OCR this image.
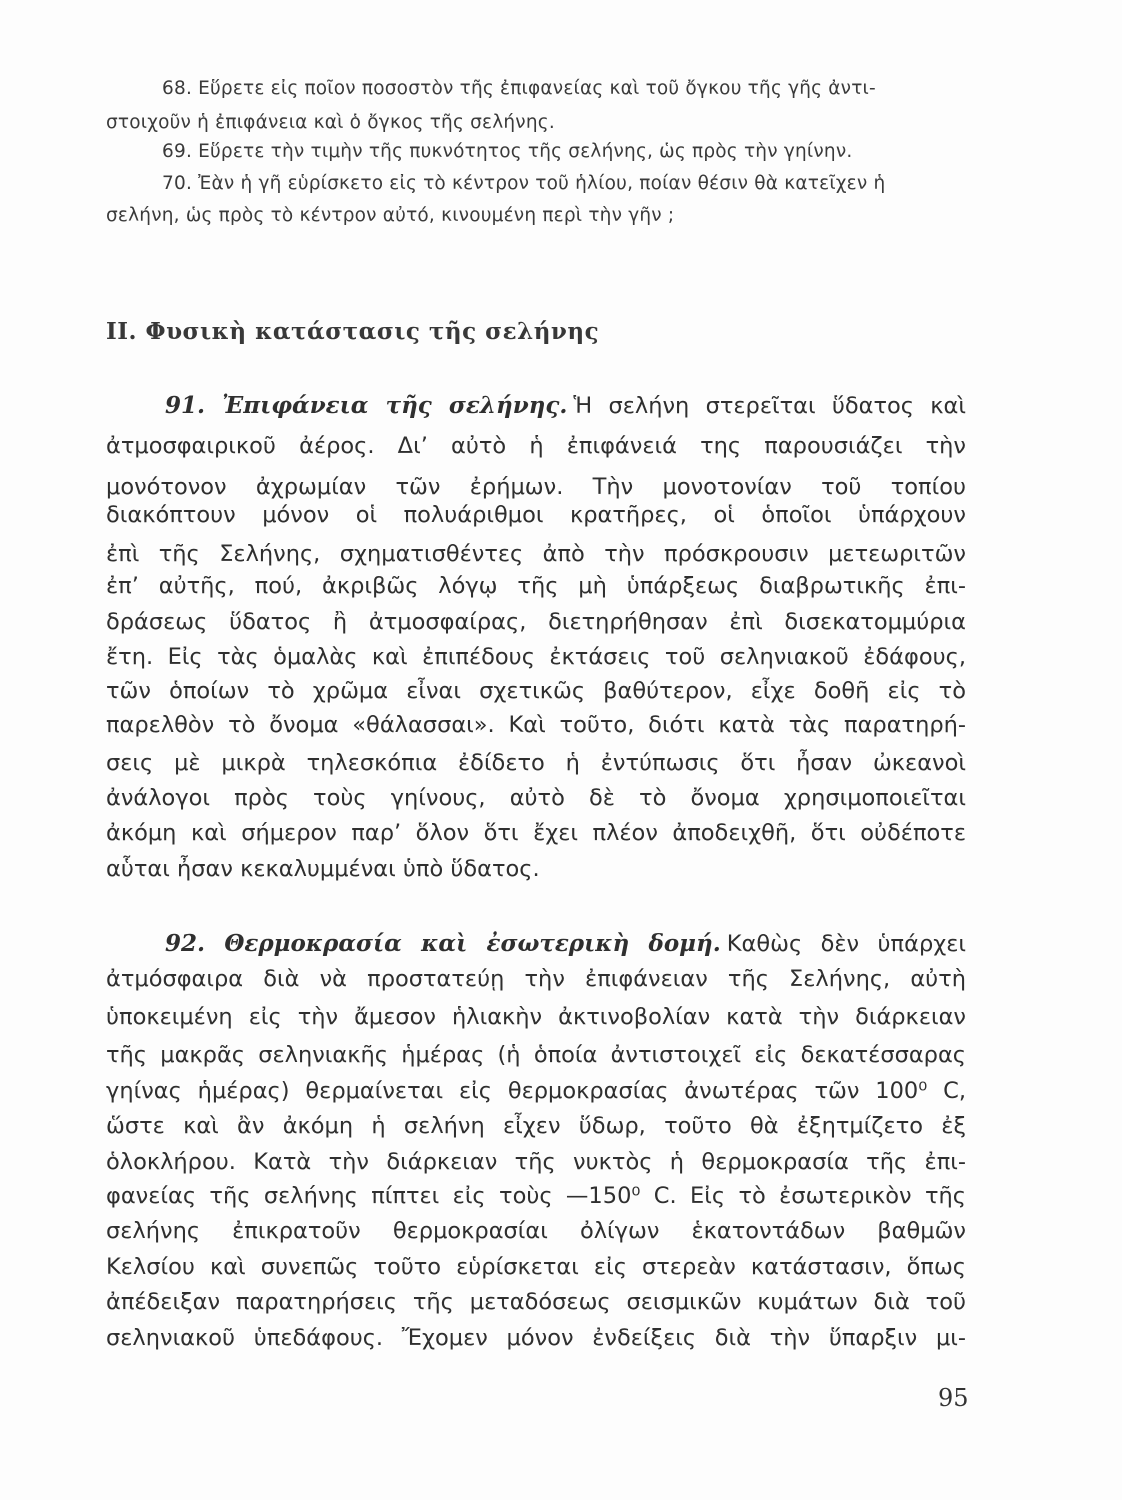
68. Εὕρετε εἰς ποῖον ποσοστὸν τῆς ἐπιφανείας καὶ τοῦ ὄγκου τῆς γῆς ἀντι-
στοιχοῦν ἡ ἐπιφάνεια καὶ ὁ ὄγκος τῆς σελήνης.
69. Εὕρετε τὴν τιμὴν τῆς πυκνότητος τῆς σελήνης, ὡς πρὸς τὴν γηίνην.
70. Ἐὰν ἡ γῆ εὑρίσκετο εἰς τὸ κέντρον τοῦ ἡλίου, ποίαν θέσιν θὰ κατεῖχεν ἡ
σελήνη, ὡς πρὸς τὸ κέντρον αὐτό, κινουμένη περὶ τὴν γῆν ;
ΙΙ. Φυσικὴ κατάστασις τῆς σελήνης
91. Ἐπιφάνεια τῆς σελήνης. Ἡ σελήνη στερεῖται ὕδατος καὶ
ἀτμοσφαιρικοῦ ἀέρος. Δι’ αὐτὸ ἡ ἐπιφάνειά της παρουσιάζει τὴν
μονότονον ἀχρωμίαν τῶν ἐρήμων. Τὴν μονοτονίαν τοῦ τοπίου
διακόπτουν μόνον οἱ πολυάριθμοι κρατῆρες, οἱ ὁποῖοι ὑπάρχουν
ἐπὶ τῆς Σελήνης, σχηματισθέντες ἀπὸ τὴν πρόσκρουσιν μετεωριτῶν
ἐπ’ αὐτῆς, πού, ἀκριβῶς λόγῳ τῆς μὴ ὑπάρξεως διαβρωτικῆς ἐπι-
δράσεως ὕδατος ἢ ἀτμοσφαίρας, διετηρήθησαν ἐπὶ δισεκατομμύρια
ἔτη. Εἰς τὰς ὁμαλὰς καὶ ἐπιπέδους ἐκτάσεις τοῦ σεληνιακοῦ ἐδάφους,
τῶν ὁποίων τὸ χρῶμα εἶναι σχετικῶς βαθύτερον, εἶχε δοθῆ εἰς τὸ
παρελθὸν τὸ ὄνομα «θάλασσαι». Καὶ τοῦτο, διότι κατὰ τὰς παρατηρή-
σεις μὲ μικρὰ τηλεσκόπια ἐδίδετο ἡ ἐντύπωσις ὅτι ἦσαν ὠκεανοὶ
ἀνάλογοι πρὸς τοὺς γηίνους, αὐτὸ δὲ τὸ ὄνομα χρησιμοποιεῖται
ἀκόμη καὶ σήμερον παρ’ ὅλον ὅτι ἔχει πλέον ἀποδειχθῆ, ὅτι οὐδέποτε
αὗται ἦσαν κεκαλυμμέναι ὑπὸ ὕδατος.
92. Θερμοκρασία καὶ ἐσωτερικὴ δομή. Καθὼς δὲν ὑπάρχει
ἀτμόσφαιρα διὰ νὰ προστατεύῃ τὴν ἐπιφάνειαν τῆς Σελήνης, αὐτὴ
ὑποκειμένη εἰς τὴν ἄμεσον ἡλιακὴν ἀκτινοβολίαν κατὰ τὴν διάρκειαν
τῆς μακρᾶς σεληνιακῆς ἡμέρας (ἡ ὁποία ἀντιστοιχεῖ εἰς δεκατέσσαρας
γηίνας ἡμέρας) θερμαίνεται εἰς θερμοκρασίας ἀνωτέρας τῶν 100⁰ C,
ὥστε καὶ ἂν ἀκόμη ἡ σελήνη εἶχεν ὕδωρ, τοῦτο θὰ ἐξητμίζετο ἐξ
ὁλοκλήρου. Κατὰ τὴν διάρκειαν τῆς νυκτὸς ἡ θερμοκρασία τῆς ἐπι-
φανείας τῆς σελήνης πίπτει εἰς τοὺς —150⁰ C. Εἰς τὸ ἐσωτερικὸν τῆς
σελήνης ἐπικρατοῦν θερμοκρασίαι ὀλίγων ἑκατοντάδων βαθμῶν
Κελσίου καὶ συνεπῶς τοῦτο εὑρίσκεται εἰς στερεὰν κατάστασιν, ὅπως
ἀπέδειξαν παρατηρήσεις τῆς μεταδόσεως σεισμικῶν κυμάτων διὰ τοῦ
σεληνιακοῦ ὑπεδάφους. Ἔχομεν μόνον ἐνδείξεις διὰ τὴν ὕπαρξιν μι-
95
